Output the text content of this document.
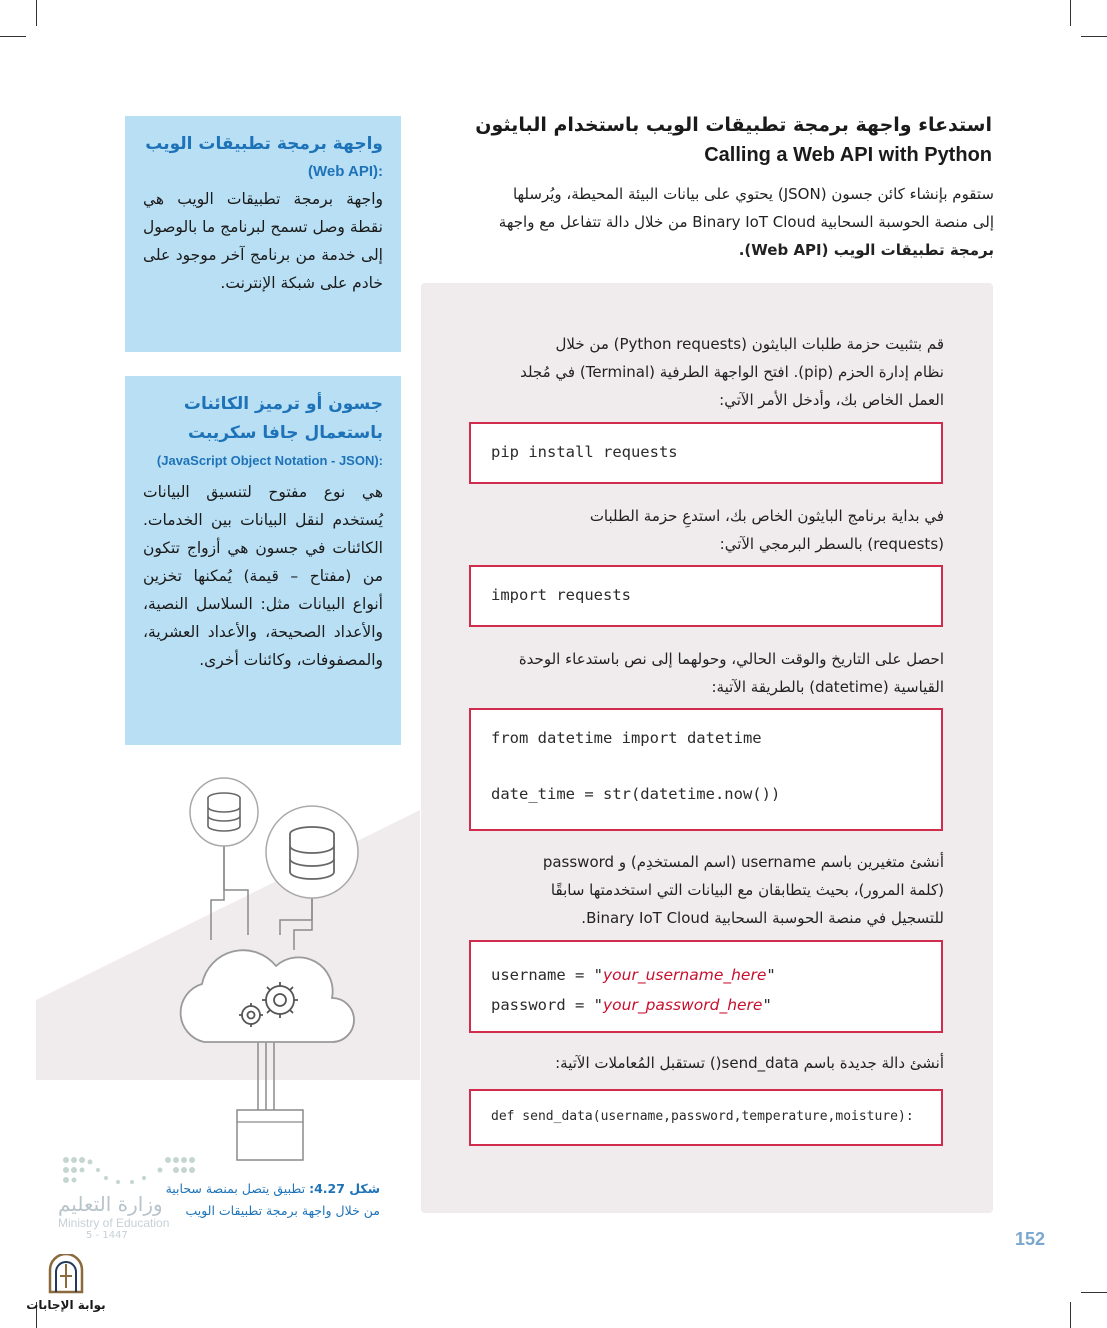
استدعاء واجهة برمجة تطبيقات الويب باستخدام البايثون
Calling a Web API with Python
ستقوم بإنشاء كائن جسون (JSON) يحتوي على بيانات البيئة المحيطة، ويُرسلها
إلى منصة الحوسبة السحابية Binary IoT Cloud من خلال دالة تتفاعل مع واجهة
برمجة تطبيقات الويب (Web API).
قم بتثبيت حزمة طلبات البايثون (Python requests) من خلال
نظام إدارة الحزم (pip). افتح الواجهة الطرفية (Terminal) في مُجلد
العمل الخاص بك، وأدخل الأمر الآتي:
pip install requests
في بداية برنامج البايثون الخاص بك، استدعِ حزمة الطلبات
(requests) بالسطر البرمجي الآتي:
import requests
احصل على التاريخ والوقت الحالي، وحولهما إلى نص باستدعاء الوحدة
القياسية (datetime) بالطريقة الآتية:
from datetime import datetime
date_time = str(datetime.now())
أنشئ متغيرين باسم username (اسم المستخدِم) و password
(كلمة المرور)، بحيث يتطابقان مع البيانات التي استخدمتها سابقًا
للتسجيل في منصة الحوسبة السحابية Binary IoT Cloud.
username = "your_username_here"
password = "your_password_here"
أنشئ دالة جديدة باسم send_data() تستقبل المُعاملات الآتية:
def send_data(username,password,temperature,moisture):
واجهة برمجة تطبيقات الويب
(Web API):
واجهة برمجة تطبيقات الويب هي نقطة وصل تسمح لبرنامج ما بالوصول إلى خدمة من برنامج آخر موجود على خادم على شبكة الإنترنت.
جسون أو ترميز الكائنات
باستعمال جافا سكريبت
(JavaScript Object Notation - JSON):
هي نوع مفتوح لتنسيق البيانات يُستخدم لنقل البيانات بين الخدمات. الكائنات في جسون هي أزواج تتكون من (مفتاح – قيمة) يُمكنها تخزين أنواع البيانات مثل: السلاسل النصية، والأعداد الصحيحة، والأعداد العشرية، والمصفوفات، وكائنات أخرى.
شكل 4.27: تطبيق يتصل بمنصة سحابية
من خلال واجهة برمجة تطبيقات الويب
وزارة التعليم
Ministry of Education
5 - 1447
بوابة الإجابات
152
